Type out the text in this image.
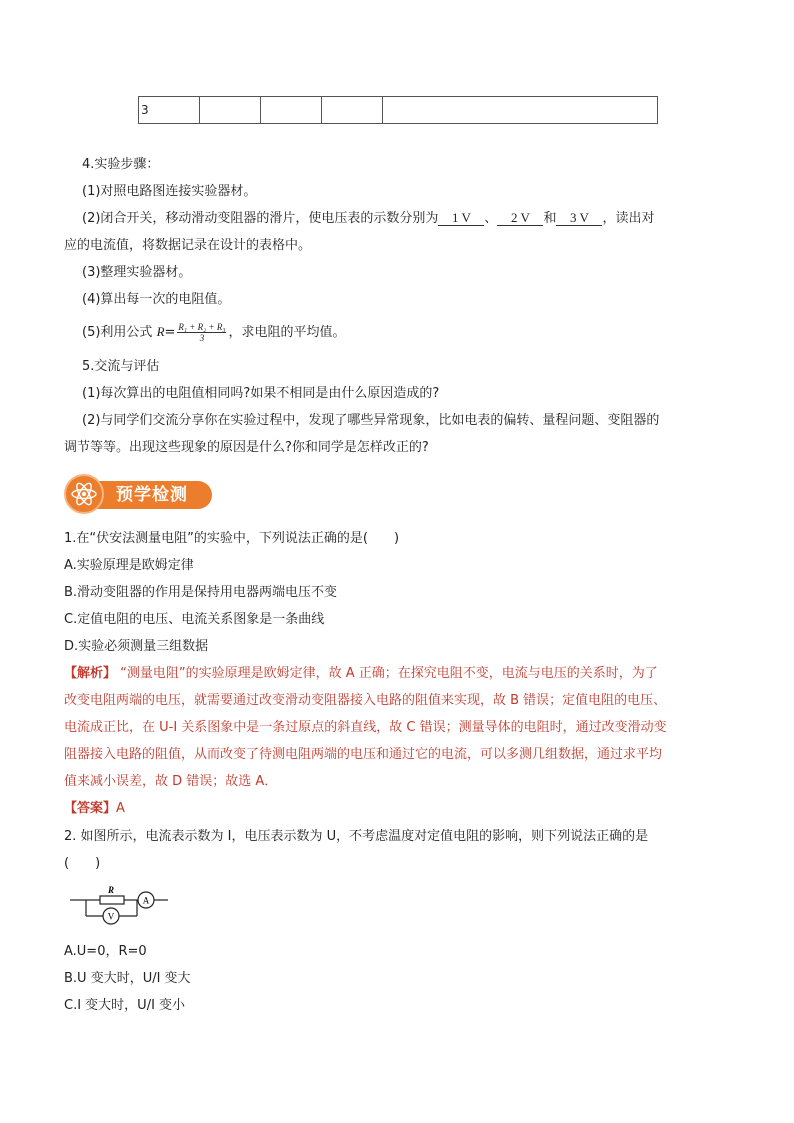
3				
4.实验步骤：
(1)对照电路图连接实验器材。
(2)闭合开关，移动滑动变阻器的滑片，使电压表的示数分别为 1 V 、 2 V 和 3 V ，读出对
应的电流值，将数据记录在设计的表格中。
(3)整理实验器材。
(4)算出每一次的电阻值。
(5)利用公式 $R= \frac{\text{R₁ + R₂ + R₃}}{3}$ ，求电阻的平均值。
5.交流与评估
(1)每次算出的电阻值相同吗?如果不相同是由什么原因造成的?
(2)与同学们交流分享你在实验过程中，发现了哪些异常现象，比如电表的偏转、量程问题、变阻器的
调节等等。出现这些现象的原因是什么?你和同学是怎样改正的?
预学检测
1.在“伏安法测量电阻”的实验中，下列说法正确的是(　　)
A.实验原理是欧姆定律
B.滑动变阻器的作用是保持用电器两端电压不变
C.定值电阻的电压、电流关系图象是一条曲线
D.实验必须测量三组数据
【解析】 “测量电阻”的实验原理是欧姆定律，故 A 正确；在探究电阻不变，电流与电压的关系时，为了
改变电阻两端的电压，就需要通过改变滑动变阻器接入电路的阻值来实现，故 B 错误；定值电阻的电压、
电流成正比，在 U-I 关系图象中是一条过原点的斜直线，故 C 错误；测量导体的电阻时，通过改变滑动变
阻器接入电路的阻值，从而改变了待测电阻两端的电压和通过它的电流，可以多测几组数据，通过求平均
值来减小误差，故 D 错误；故选 A．
【答案】A
2. 如图所示，电流表示数为 I，电压表示数为 U，不考虑温度对定值电阻的影响，则下列说法正确的是
(　　)
R
V
A
A.U=0，R=0
B.U 变大时，U/I 变大
C.I 变大时，U/I 变小
